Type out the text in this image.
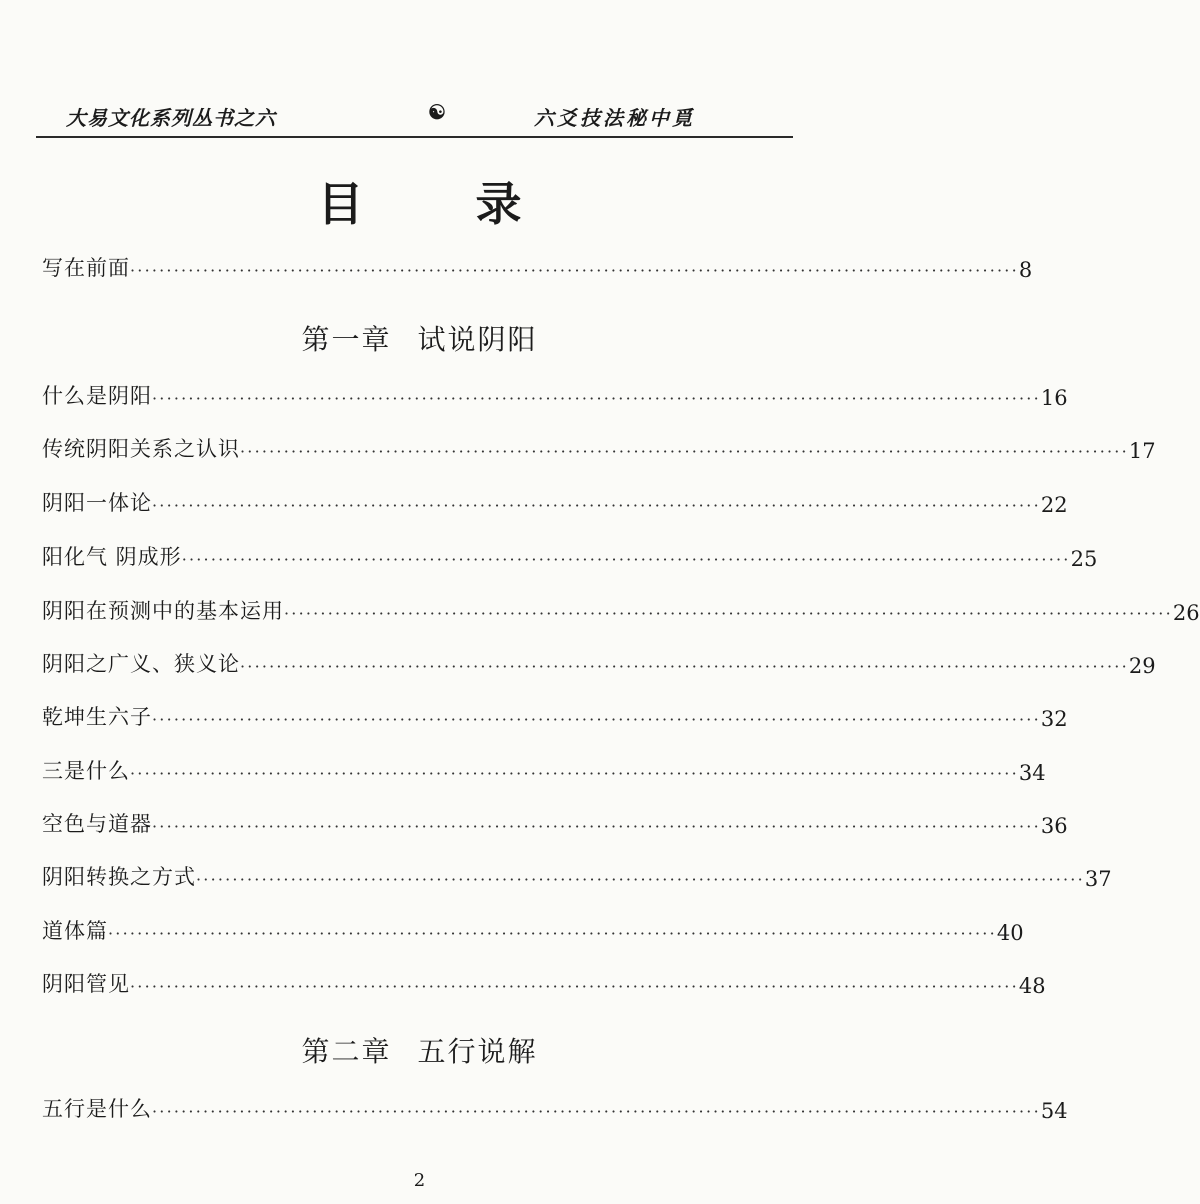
大易文化系列丛书之六	☯	六爻技法秘中覓
目 录
写在前面 ·························································································································· 8
第一章 试说阴阳
什么是阴阳 ·························································································································· 16
传统阴阳关系之认识 ·························································································································· 17
阴阳一体论 ·························································································································· 22
阳化气 阴成形 ·························································································································· 25
阴阳在预测中的基本运用 ·························································································································· 26
阴阳之广义、狭义论 ·························································································································· 29
乾坤生六子 ·························································································································· 32
三是什么 ·························································································································· 34
空色与道器 ·························································································································· 36
阴阳转换之方式 ·························································································································· 37
道体篇 ·························································································································· 40
阴阳管见 ·························································································································· 48
第二章 五行说解
五行是什么 ·························································································································· 54
2
